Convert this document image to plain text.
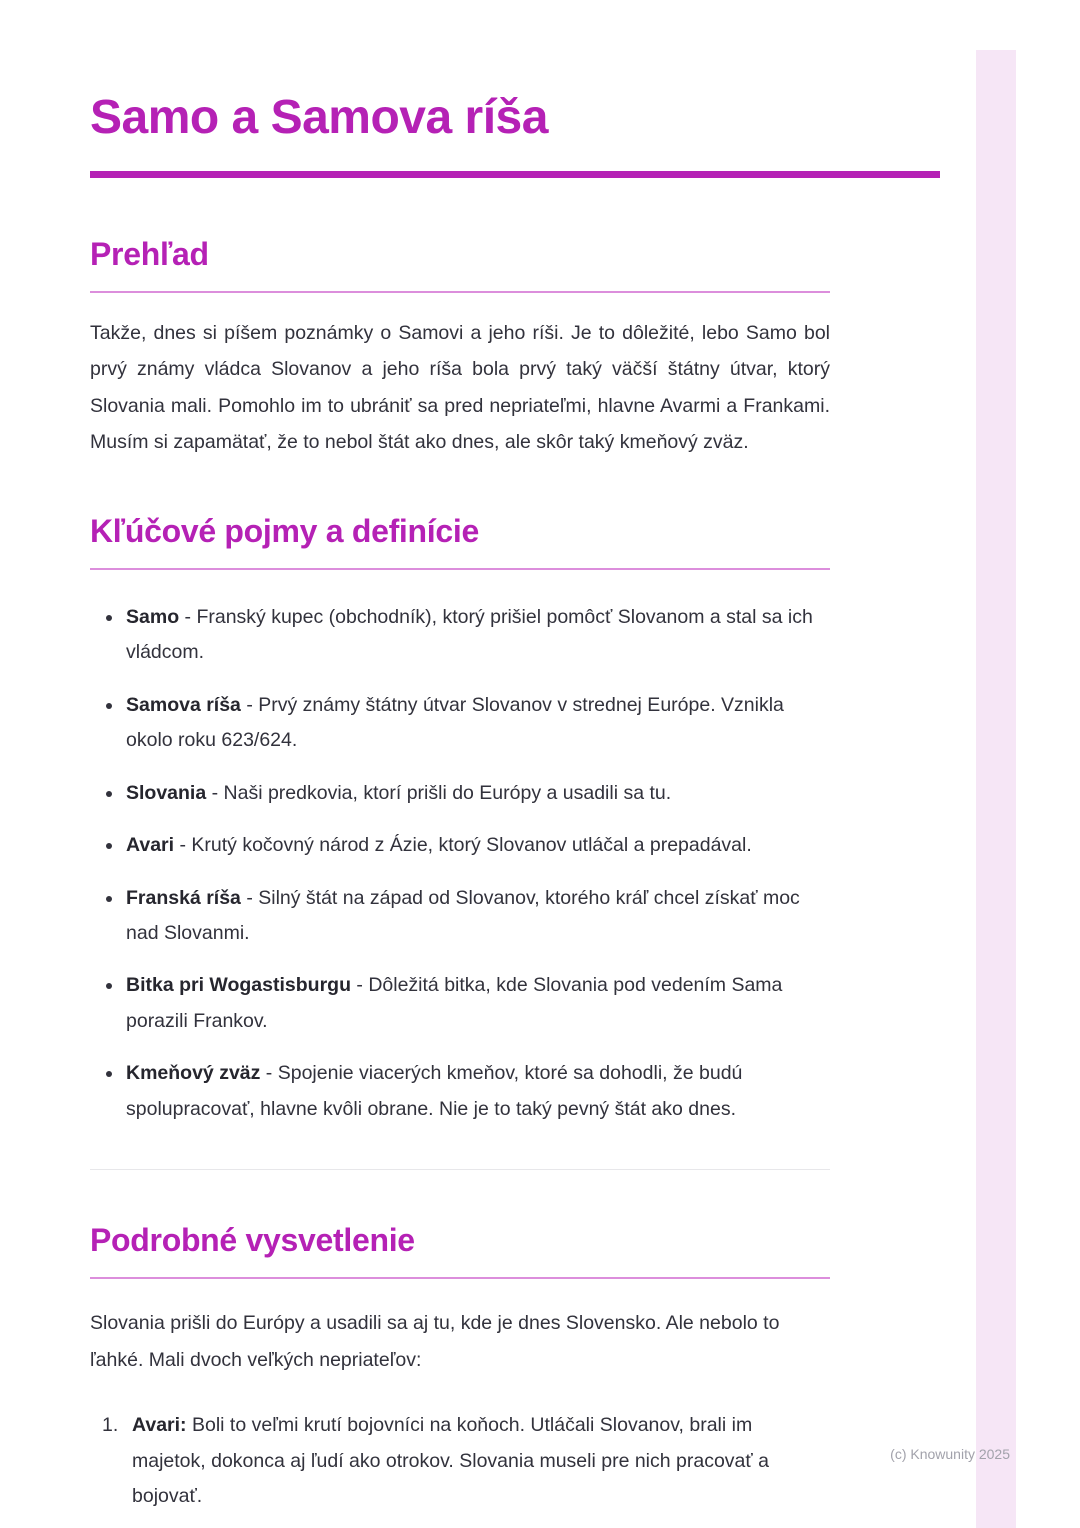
Samo a Samova ríša
Prehľad

Takže, dnes si píšem poznámky o Samovi a jeho ríši. Je to dôležité, lebo Samo bol prvý známy vládca Slovanov a jeho ríša bola prvý taký väčší štátny útvar, ktorý Slovania mali. Pomohlo im to ubrániť sa pred nepriateľmi, hlavne Avarmi a Frankami. Musím si zapamätať, že to nebol štát ako dnes, ale skôr taký kmeňový zväz.

Kľúčové pojmy a definície
• Samo - Franský kupec (obchodník), ktorý prišiel pomôcť Slovanom a stal sa ich vládcom.
• Samova ríša - Prvý známy štátny útvar Slovanov v strednej Európe. Vznikla okolo roku 623/624.
• Slovania - Naši predkovia, ktorí prišli do Európy a usadili sa tu.
• Avari - Krutý kočovný národ z Ázie, ktorý Slovanov utláčal a prepadával.
• Franská ríša - Silný štát na západ od Slovanov, ktorého kráľ chcel získať moc nad Slovanmi.
• Bitka pri Wogastisburgu - Dôležitá bitka, kde Slovania pod vedením Sama porazili Frankov.
• Kmeňový zväz - Spojenie viacerých kmeňov, ktoré sa dohodli, že budú spolupracovať, hlavne kvôli obrane. Nie je to taký pevný štát ako dnes.
Podrobné vysvetlenie

Slovania prišli do Európy a usadili sa aj tu, kde je dnes Slovensko. Ale nebolo to ľahké. Mali dvoch veľkých nepriateľov:

1. Avari: Boli to veľmi krutí bojovníci na koňoch. Utláčali Slovanov, brali im majetok, dokonca aj ľudí ako otrokov. Slovania museli pre nich pracovať a bojovať.
(c) Knowunity 2025
